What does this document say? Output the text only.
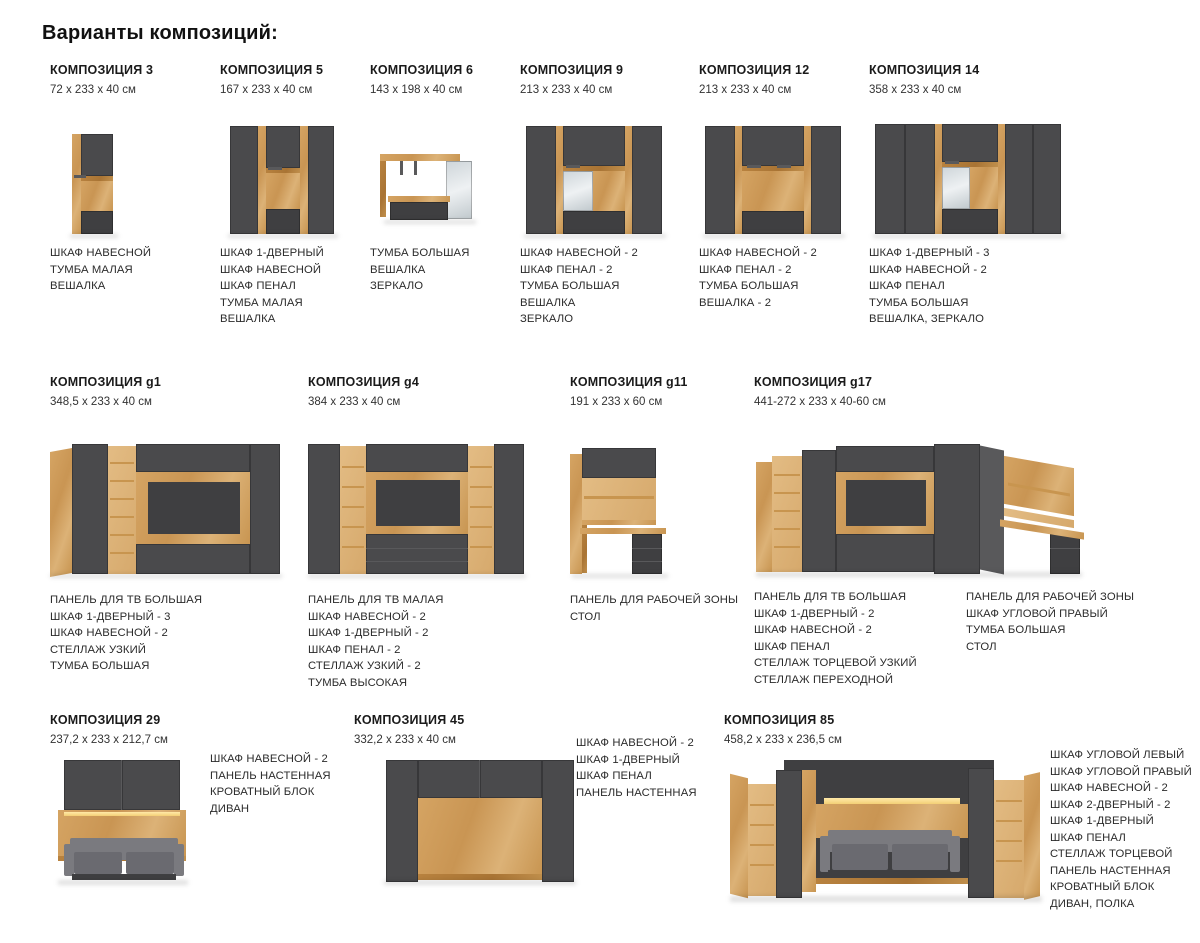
Варианты композиций:
КОМПОЗИЦИЯ 3
72 x 233 x 40 см
ШКАФ НАВЕСНОЙ
ТУМБА МАЛАЯ
ВЕШАЛКА
КОМПОЗИЦИЯ 5
167 x 233 x 40 см
ШКАФ 1-ДВЕРНЫЙ
ШКАФ НАВЕСНОЙ
ШКАФ ПЕНАЛ
ТУМБА МАЛАЯ
ВЕШАЛКА
КОМПОЗИЦИЯ 6
143 x 198 x 40 см
ТУМБА БОЛЬШАЯ
ВЕШАЛКА
ЗЕРКАЛО
КОМПОЗИЦИЯ 9
213 x 233 x 40 см
ШКАФ НАВЕСНОЙ - 2
ШКАФ ПЕНАЛ - 2
ТУМБА БОЛЬШАЯ
ВЕШАЛКА
ЗЕРКАЛО
КОМПОЗИЦИЯ 12
213 x 233 x 40 см
ШКАФ НАВЕСНОЙ - 2
ШКАФ ПЕНАЛ - 2
ТУМБА БОЛЬШАЯ
ВЕШАЛКА - 2
КОМПОЗИЦИЯ 14
358 x 233 x 40 см
ШКАФ 1-ДВЕРНЫЙ - 3
ШКАФ НАВЕСНОЙ - 2
ШКАФ ПЕНАЛ
ТУМБА БОЛЬШАЯ
ВЕШАЛКА, ЗЕРКАЛО
КОМПОЗИЦИЯ g1
348,5 x 233 x 40 см
ПАНЕЛЬ ДЛЯ ТВ БОЛЬШАЯ
ШКАФ 1-ДВЕРНЫЙ - 3
ШКАФ НАВЕСНОЙ - 2
СТЕЛЛАЖ УЗКИЙ
ТУМБА БОЛЬШАЯ
КОМПОЗИЦИЯ g4
384 x 233 x 40 см
ПАНЕЛЬ ДЛЯ ТВ МАЛАЯ
ШКАФ НАВЕСНОЙ - 2
ШКАФ 1-ДВЕРНЫЙ - 2
ШКАФ ПЕНАЛ - 2
СТЕЛЛАЖ УЗКИЙ - 2
ТУМБА ВЫСОКАЯ
КОМПОЗИЦИЯ g11
191 x 233 x 60 см
ПАНЕЛЬ ДЛЯ РАБОЧЕЙ ЗОНЫ
СТОЛ
КОМПОЗИЦИЯ g17
441-272 x 233 x 40-60 см
ПАНЕЛЬ ДЛЯ ТВ БОЛЬШАЯ
ШКАФ 1-ДВЕРНЫЙ - 2
ШКАФ НАВЕСНОЙ - 2
ШКАФ ПЕНАЛ
СТЕЛЛАЖ ТОРЦЕВОЙ УЗКИЙ
СТЕЛЛАЖ ПЕРЕХОДНОЙ
ПАНЕЛЬ ДЛЯ РАБОЧЕЙ ЗОНЫ
ШКАФ УГЛОВОЙ ПРАВЫЙ
ТУМБА БОЛЬШАЯ
СТОЛ
КОМПОЗИЦИЯ 29
237,2 x 233 x 212,7 см
ШКАФ НАВЕСНОЙ - 2
ПАНЕЛЬ НАСТЕННАЯ
КРОВАТНЫЙ БЛОК
ДИВАН
КОМПОЗИЦИЯ 45
332,2 x 233 x 40 см	ШКАФ НАВЕСНОЙ - 2
ШКАФ 1-ДВЕРНЫЙ
ШКАФ ПЕНАЛ
ПАНЕЛЬ НАСТЕННАЯ
КОМПОЗИЦИЯ 85
458,2 x 233 x 236,5 см
ШКАФ УГЛОВОЙ ЛЕВЫЙ
ШКАФ УГЛОВОЙ ПРАВЫЙ
ШКАФ НАВЕСНОЙ - 2
ШКАФ 2-ДВЕРНЫЙ - 2
ШКАФ 1-ДВЕРНЫЙ
ШКАФ ПЕНАЛ
СТЕЛЛАЖ ТОРЦЕВОЙ
ПАНЕЛЬ НАСТЕННАЯ
КРОВАТНЫЙ БЛОК
ДИВАН, ПОЛКА
